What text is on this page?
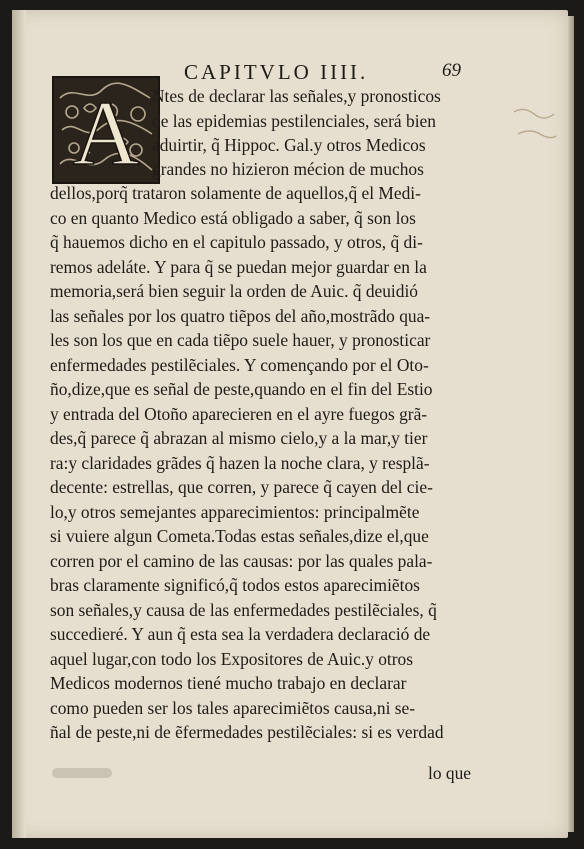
CAPITVLO IIII.	69
A Ntes de declarar las señales,y pronosticos
de las epidemias pestilenciales, será bien
aduirtir, q̃ Hippoc. Gal.y otros Medicos
grandes no hizieron mécion de muchos
dellos,porq̃ trataron solamente de aquellos,q̃ el Medi-
co en quanto Medico está obligado a saber, q̃ son los
q̃ hauemos dicho en el capitulo passado, y otros, q̃ di-
remos adeláte. Y para q̃ se puedan mejor guardar en la
memoria,será bien seguir la orden de Auic. q̃ deuidió
las señales por los quatro tiẽpos del año,mostrãdo qua-
les son los que en cada tiẽpo suele hauer, y pronosticar
enfermedades pestilẽciales. Y començando por el Oto-
ño,dize,que es señal de peste,quando en el fin del Estio
y entrada del Otoño aparecieren en el ayre fuegos grã-
des,q̃ parece q̃ abrazan al mismo cielo,y a la mar,y tier
ra:y claridades grãdes q̃ hazen la noche clara, y resplã-
decente: estrellas, que corren, y parece q̃ cayen del cie-
lo,y otros semejantes apparecimientos: principalmẽte
si vuiere algun Cometa.Todas estas señales,dize el,que
corren por el camino de las causas: por las quales pala-
bras claramente significó,q̃ todos estos aparecimiẽtos
son señales,y causa de las enfermedades pestilẽciales, q̃
succedieré. Y aun q̃ esta sea la verdadera declaració de
aquel lugar,con todo los Expositores de Auic.y otros
Medicos modernos tiené mucho trabajo en declarar
como pueden ser los tales aparecimiẽtos causa,ni se-
ñal de peste,ni de ẽfermedades pestilẽciales: si es verdad
lo que
